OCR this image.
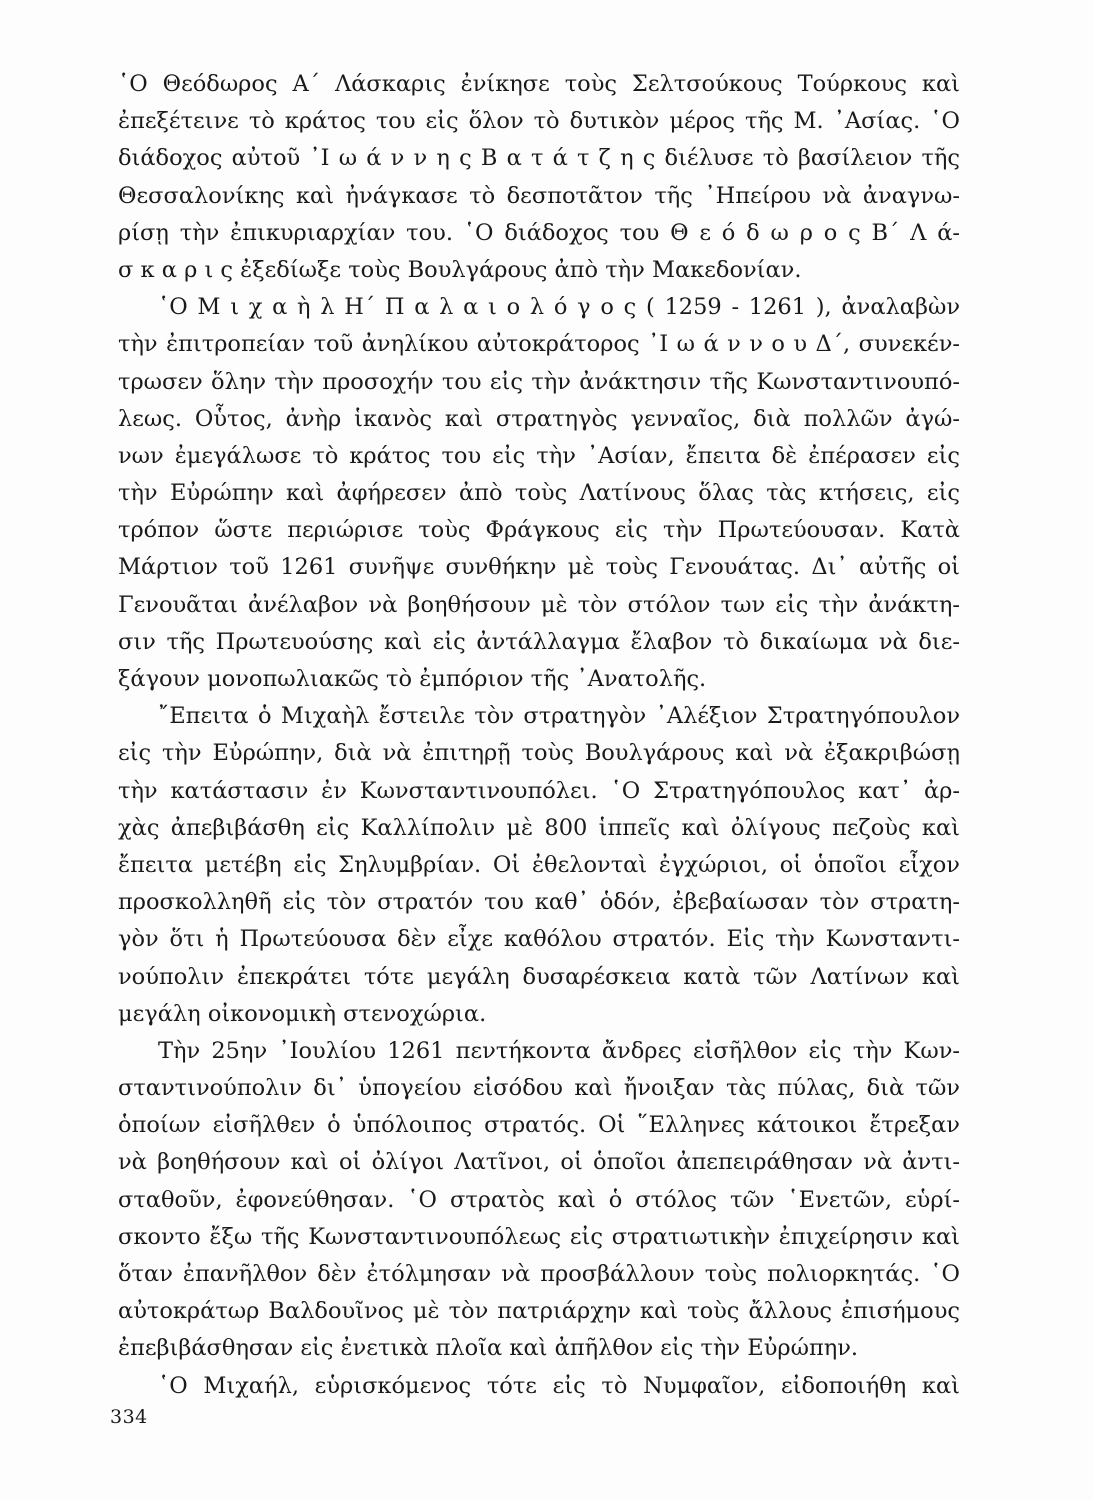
῾Ο Θεόδωρος Α΄ Λάσκαρις ἐνίκησε τοὺς Σελτσούκους Τούρκους καὶ
ἐπεξέτεινε τὸ κράτος του εἰς ὅλον τὸ δυτικὸν μέρος τῆς Μ. ᾿Ασίας. ῾Ο
διάδοχος αὐτοῦ ᾿Ι ω ά ν ν η ς Β α τ ά τ ζ η ς διέλυσε τὸ βασίλειον τῆς
Θεσσαλονίκης καὶ ἠνάγκασε τὸ δεσποτᾶτον τῆς ᾿Ηπείρου νὰ ἀναγνω-
ρίσῃ τὴν ἐπικυριαρχίαν του. ῾Ο διάδοχος του Θ ε ό δ ω ρ ο ς Β΄ Λ ά-
σ κ α ρ ι ς ἐξεδίωξε τοὺς Βουλγάρους ἀπὸ τὴν Μακεδονίαν.
῾Ο Μ ι χ α ὴ λ Η΄ Π α λ α ι ο λ ό γ ο ς ( 1259 - 1261 ), ἀναλαβὼν
τὴν ἐπιτροπείαν τοῦ ἀνηλίκου αὐτοκράτορος ᾿Ι ω ά ν ν ο υ Δ΄, συνεκέν-
τρωσεν ὅλην τὴν προσοχήν του εἰς τὴν ἀνάκτησιν τῆς Κωνσταντινουπό-
λεως. Οὗτος, ἀνὴρ ἱκανὸς καὶ στρατηγὸς γενναῖος, διὰ πολλῶν ἀγώ-
νων ἐμεγάλωσε τὸ κράτος του εἰς τὴν ᾿Ασίαν, ἔπειτα δὲ ἐπέρασεν εἰς
τὴν Εὐρώπην καὶ ἀφήρεσεν ἀπὸ τοὺς Λατίνους ὅλας τὰς κτήσεις, εἰς
τρόπον ὥστε περιώρισε τοὺς Φράγκους εἰς τὴν Πρωτεύουσαν. Κατὰ
Μάρτιον τοῦ 1261 συνῆψε συνθήκην μὲ τοὺς Γενουάτας. Δι᾿ αὐτῆς οἱ
Γενουᾶται ἀνέλαβον νὰ βοηθήσουν μὲ τὸν στόλον των εἰς τὴν ἀνάκτη-
σιν τῆς Πρωτευούσης καὶ εἰς ἀντάλλαγμα ἔλαβον τὸ δικαίωμα νὰ διε-
ξάγουν μονοπωλιακῶς τὸ ἐμπόριον τῆς ᾿Ανατολῆς.
῎Επειτα ὁ Μιχαὴλ ἔστειλε τὸν στρατηγὸν ᾿Αλέξιον Στρατηγόπουλον
εἰς τὴν Εὐρώπην, διὰ νὰ ἐπιτηρῇ τοὺς Βουλγάρους καὶ νὰ ἐξακριβώσῃ
τὴν κατάστασιν ἐν Κωνσταντινουπόλει. ῾Ο Στρατηγόπουλος κατ᾿ ἀρ-
χὰς ἀπεβιβάσθη εἰς Καλλίπολιν μὲ 800 ἱππεῖς καὶ ὀλίγους πεζοὺς καὶ
ἔπειτα μετέβη εἰς Σηλυμβρίαν. Οἱ ἐθελονταὶ ἐγχώριοι, οἱ ὁποῖοι εἶχον
προσκολληθῆ εἰς τὸν στρατόν του καθ᾿ ὁδόν, ἐβεβαίωσαν τὸν στρατη-
γὸν ὅτι ἡ Πρωτεύουσα δὲν εἶχε καθόλου στρατόν. Εἰς τὴν Κωνσταντι-
νούπολιν ἐπεκράτει τότε μεγάλη δυσαρέσκεια κατὰ τῶν Λατίνων καὶ
μεγάλη οἰκονομικὴ στενοχώρια.
Τὴν 25ην ᾿Ιουλίου 1261 πεντήκοντα ἄνδρες εἰσῆλθον εἰς τὴν Κων-
σταντινούπολιν δι᾿ ὑπογείου εἰσόδου καὶ ἤνοιξαν τὰς πύλας, διὰ τῶν
ὁποίων εἰσῆλθεν ὁ ὑπόλοιπος στρατός. Οἱ ῞Ελληνες κάτοικοι ἔτρεξαν
νὰ βοηθήσουν καὶ οἱ ὀλίγοι Λατῖνοι, οἱ ὁποῖοι ἀπεπειράθησαν νὰ ἀντι-
σταθοῦν, ἐφονεύθησαν. ῾Ο στρατὸς καὶ ὁ στόλος τῶν ῾Ενετῶν, εὑρί-
σκοντο ἔξω τῆς Κωνσταντινουπόλεως εἰς στρατιωτικὴν ἐπιχείρησιν καὶ
ὅταν ἐπανῆλθον δὲν ἐτόλμησαν νὰ προσβάλλουν τοὺς πολιορκητάς. ῾Ο
αὐτοκράτωρ Βαλδουῖνος μὲ τὸν πατριάρχην καὶ τοὺς ἄλλους ἐπισήμους
ἐπεβιβάσθησαν εἰς ἐνετικὰ πλοῖα καὶ ἀπῆλθον εἰς τὴν Εὐρώπην.
῾Ο Μιχαήλ, εὑρισκόμενος τότε εἰς τὸ Νυμφαῖον, εἰδοποιήθη καὶ
334
